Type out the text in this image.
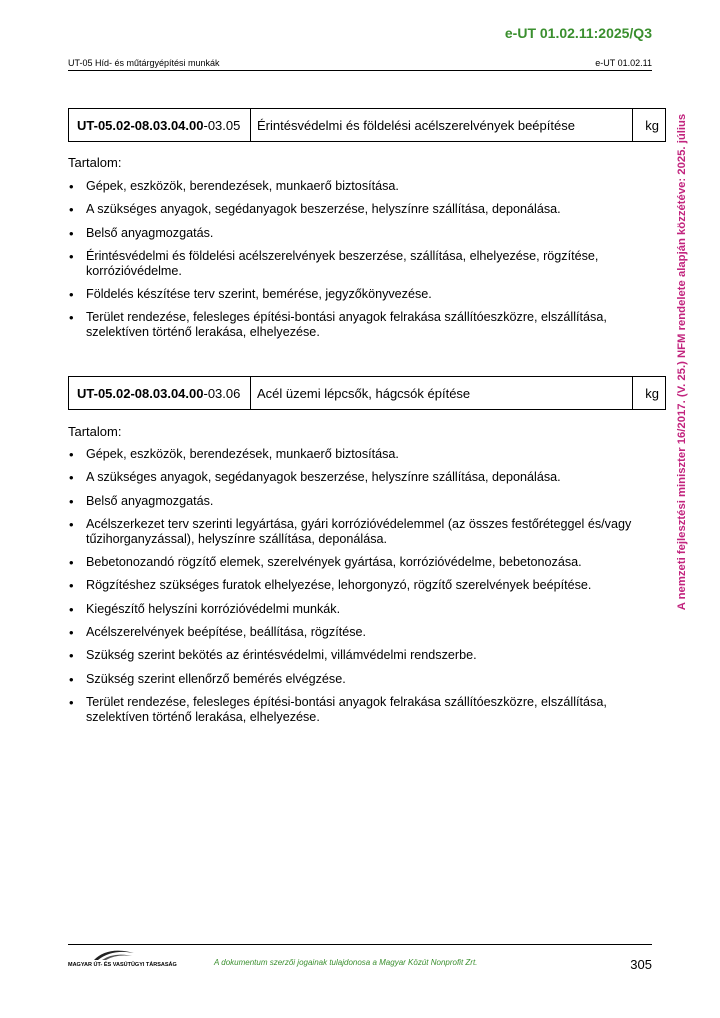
e-UT 01.02.11:2025/Q3
UT-05 Híd- és műtárgyépítési munkák	e-UT 01.02.11
A nemzeti fejlesztési miniszter 16/2017. (V. 25.) NFM rendelete alapján közzétéve: 2025. július
UT-05.02-08.03.04.00 -03.05	Érintésvédelmi és földelési acélszerelvények beépítése	kg
Tartalom:
• Gépek, eszközök, berendezések, munkaerő biztosítása.
• A szükséges anyagok, segédanyagok beszerzése, helyszínre szállítása, deponálása.
• Belső anyagmozgatás.
• Érintésvédelmi és földelési acélszerelvények beszerzése, szállítása, elhelyezése, rögzítése, korrózióvédelme.
• Földelés készítése terv szerint, bemérése, jegyzőkönyvezése.
• Terület rendezése, felesleges építési-bontási anyagok felrakása szállítóeszközre, elszállítása, szelektíven történő lerakása, elhelyezése.
UT-05.02-08.03.04.00 -03.06	Acél üzemi lépcsők, hágcsók építése	kg
Tartalom:
• Gépek, eszközök, berendezések, munkaerő biztosítása.
• A szükséges anyagok, segédanyagok beszerzése, helyszínre szállítása, deponálása.
• Belső anyagmozgatás.
• Acélszerkezet terv szerinti legyártása, gyári korrózióvédelemmel (az összes festőréteggel és/vagy tűzihorganyzással), helyszínre szállítása, deponálása.
• Bebetonozandó rögzítő elemek, szerelvények gyártása, korrózióvédelme, bebetonozása.
• Rögzítéshez szükséges furatok elhelyezése, lehorgonyzó, rögzítő szerelvények beépítése.
• Kiegészítő helyszíni korrózióvédelmi munkák.
• Acélszerelvények beépítése, beállítása, rögzítése.
• Szükség szerint bekötés az érintésvédelmi, villámvédelmi rendszerbe.
• Szükség szerint ellenőrző bemérés elvégzése.
• Terület rendezése, felesleges építési-bontási anyagok felrakása szállítóeszközre, elszállítása, szelektíven történő lerakása, elhelyezése.
MAGYAR ÚT- ÉS VASÚTÜGYI TÁRSASÁG	A dokumentum szerzői jogainak tulajdonosa a Magyar Közút Nonprofit Zrt.	305
